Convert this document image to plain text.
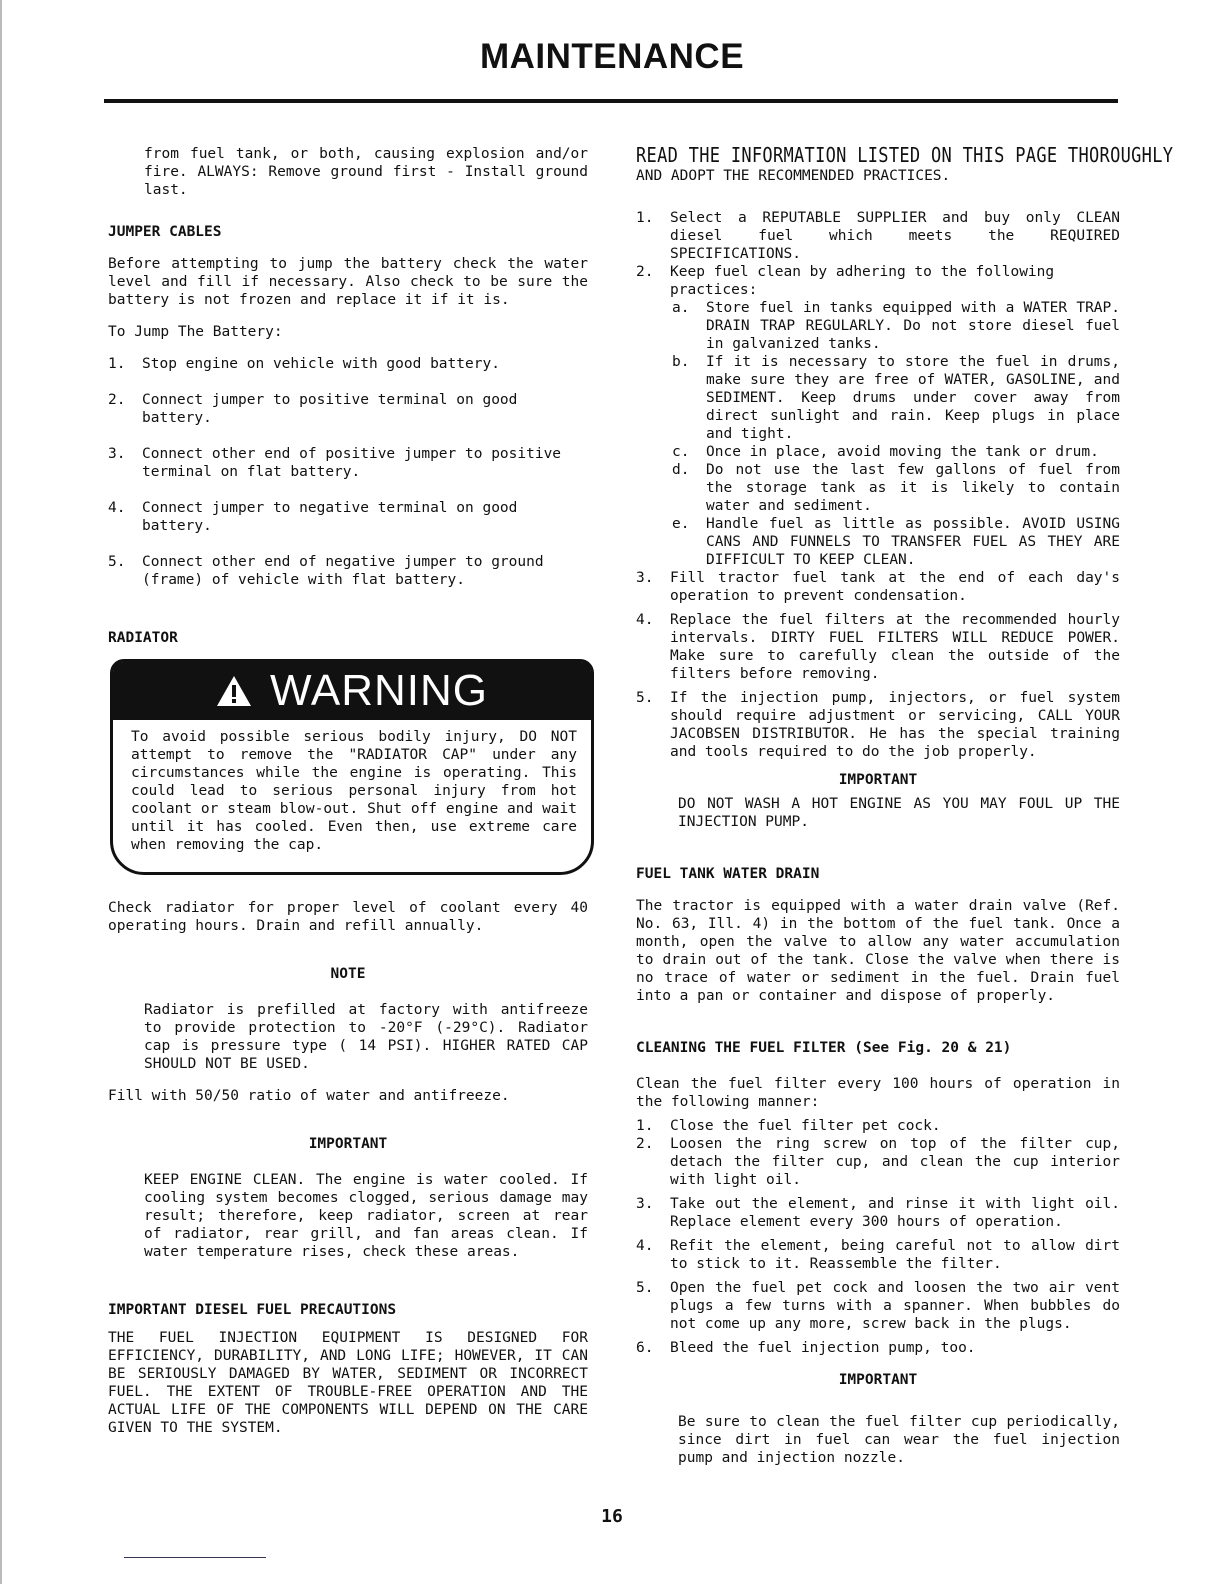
MAINTENANCE

from fuel tank, or both, causing explosion and/or fire. ALWAYS: Remove ground first - Install ground last.

JUMPER CABLES

Before attempting to jump the battery check the water level and fill if necessary. Also check to be sure the battery is not frozen and replace it if it is.

To Jump The Battery:

1.	Stop engine on vehicle with good battery.
2.	Connect jumper to positive terminal on good battery.
3.	Connect other end of positive jumper to positive terminal on flat battery.
4.	Connect jumper to negative terminal on good battery.
5.	Connect other end of negative jumper to ground (frame) of vehicle with flat battery.

RADIATOR

WARNING
To avoid possible serious bodily injury, DO NOT attempt to remove the "RADIATOR CAP" under any circumstances while the engine is operating. This could lead to serious personal injury from hot coolant or steam blow-out. Shut off engine and wait until it has cooled. Even then, use extreme care when removing the cap.

Check radiator for proper level of coolant every 40 operating hours. Drain and refill annually.

NOTE

Radiator is prefilled at factory with antifreeze to provide protection to -20°F (-29°C). Radiator cap is pressure type ( 14 PSI). HIGHER RATED CAP SHOULD NOT BE USED.

Fill with 50/50 ratio of water and antifreeze.

IMPORTANT

KEEP ENGINE CLEAN. The engine is water cooled. If cooling system becomes clogged, serious damage may result; therefore, keep radiator, screen at rear of radiator, rear grill, and fan areas clean. If water temperature rises, check these areas.

IMPORTANT DIESEL FUEL PRECAUTIONS

THE FUEL INJECTION EQUIPMENT IS DESIGNED FOR EFFICIENCY, DURABILITY, AND LONG LIFE; HOWEVER, IT CAN BE SERIOUSLY DAMAGED BY WATER, SEDIMENT OR INCORRECT FUEL. THE EXTENT OF TROUBLE-FREE OPERATION AND THE ACTUAL LIFE OF THE COMPONENTS WILL DEPEND ON THE CARE GIVEN TO THE SYSTEM.

READ THE INFORMATION LISTED ON THIS PAGE THOROUGHLY

AND ADOPT THE RECOMMENDED PRACTICES.

1.	Select a REPUTABLE SUPPLIER and buy only CLEAN diesel fuel which meets the REQUIRED SPECIFICATIONS.
2.	Keep fuel clean by adhering to the following practices:
a.	Store fuel in tanks equipped with a WATER TRAP. DRAIN TRAP REGULARLY. Do not store diesel fuel in galvanized tanks.
b.	If it is necessary to store the fuel in drums, make sure they are free of WATER, GASOLINE, and SEDIMENT. Keep drums under cover away from direct sunlight and rain. Keep plugs in place and tight.
c.	Once in place, avoid moving the tank or drum.
d.	Do not use the last few gallons of fuel from the storage tank as it is likely to contain water and sediment.
e.	Handle fuel as little as possible. AVOID USING CANS AND FUNNELS TO TRANSFER FUEL AS THEY ARE DIFFICULT TO KEEP CLEAN.
3.	Fill tractor fuel tank at the end of each day's operation to prevent condensation.
4.	Replace the fuel filters at the recommended hourly intervals. DIRTY FUEL FILTERS WILL REDUCE POWER. Make sure to carefully clean the outside of the filters before removing.
5.	If the injection pump, injectors, or fuel system should require adjustment or servicing, CALL YOUR JACOBSEN DISTRIBUTOR. He has the special training and tools required to do the job properly.

IMPORTANT

DO NOT WASH A HOT ENGINE AS YOU MAY FOUL UP THE INJECTION PUMP.

FUEL TANK WATER DRAIN

The tractor is equipped with a water drain valve (Ref. No. 63, Ill. 4) in the bottom of the fuel tank. Once a month, open the valve to allow any water accumulation to drain out of the tank. Close the valve when there is no trace of water or sediment in the fuel. Drain fuel into a pan or container and dispose of properly.

CLEANING THE FUEL FILTER (See Fig. 20 & 21)

Clean the fuel filter every 100 hours of operation in the following manner:

1.	Close the fuel filter pet cock.
2.	Loosen the ring screw on top of the filter cup, detach the filter cup, and clean the cup interior with light oil.
3.	Take out the element, and rinse it with light oil. Replace element every 300 hours of operation.
4.	Refit the element, being careful not to allow dirt to stick to it. Reassemble the filter.
5.	Open the fuel pet cock and loosen the two air vent plugs a few turns with a spanner. When bubbles do not come up any more, screw back in the plugs.
6.	Bleed the fuel injection pump, too.

IMPORTANT

Be sure to clean the fuel filter cup periodically, since dirt in fuel can wear the fuel injection pump and injection nozzle.

16
